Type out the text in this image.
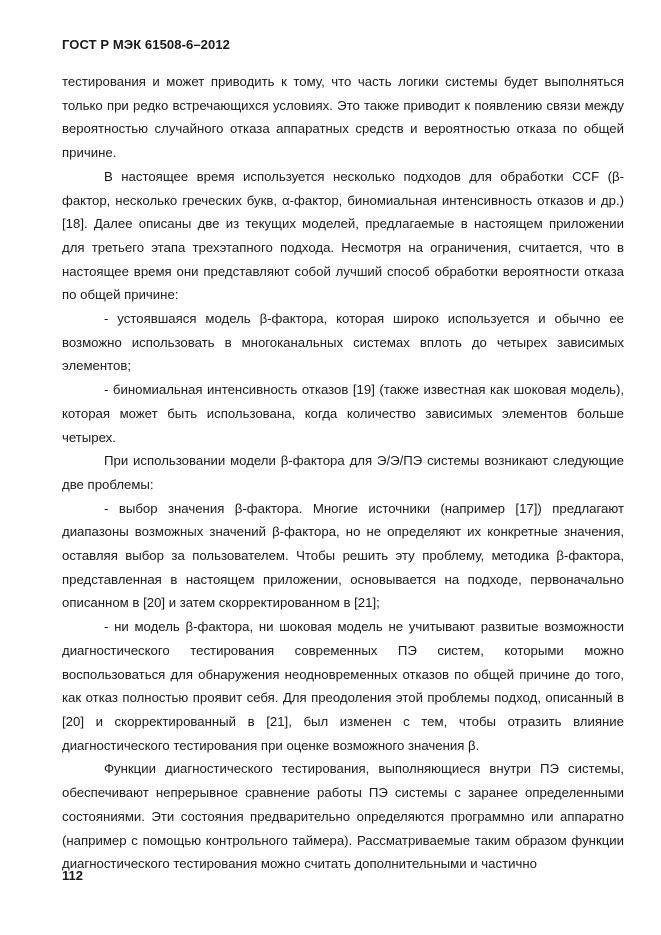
ГОСТ Р МЭК 61508-6–2012

тестирования и может приводить к тому, что часть логики системы будет выполняться только при редко встречающихся условиях. Это также приводит к появлению связи между вероятностью случайного отказа аппаратных средств и вероятностью отказа по общей причине.

В настоящее время используется несколько подходов для обработки CCF (β-фактор, несколько греческих букв, α-фактор, биномиальная интенсивность отказов и др.) [18]. Далее описаны две из текущих моделей, предлагаемые в настоящем приложении для третьего этапа трехэтапного подхода. Несмотря на ограничения, считается, что в настоящее время они представляют собой лучший способ обработки вероятности отказа по общей причине:

- устоявшаяся модель β-фактора, которая широко используется и обычно ее возможно использовать в многоканальных системах вплоть до четырех зависимых элементов;

- биномиальная интенсивность отказов [19] (также известная как шоковая модель), которая может быть использована, когда количество зависимых элементов больше четырех.

При использовании модели β-фактора для Э/Э/ПЭ системы возникают следующие две проблемы:

- выбор значения β-фактора. Многие источники (например [17]) предлагают диапазоны возможных значений β-фактора, но не определяют их конкретные значения, оставляя выбор за пользователем. Чтобы решить эту проблему, методика β-фактора, представленная в настоящем приложении, основывается на подходе, первоначально описанном в [20] и затем скорректированном в [21];

- ни модель β-фактора, ни шоковая модель не учитывают развитые возможности диагностического тестирования современных ПЭ систем, которыми можно воспользоваться для обнаружения неодновременных отказов по общей причине до того, как отказ полностью проявит себя. Для преодоления этой проблемы подход, описанный в [20] и скорректированный в [21], был изменен с тем, чтобы отразить влияние диагностического тестирования при оценке возможного значения β.

Функции диагностического тестирования, выполняющиеся внутри ПЭ системы, обеспечивают непрерывное сравнение работы ПЭ системы с заранее определенными состояниями. Эти состояния предварительно определяются программно или аппаратно (например с помощью контрольного таймера). Рассматриваемые таким образом функции диагностического тестирования можно считать дополнительными и частично

112
